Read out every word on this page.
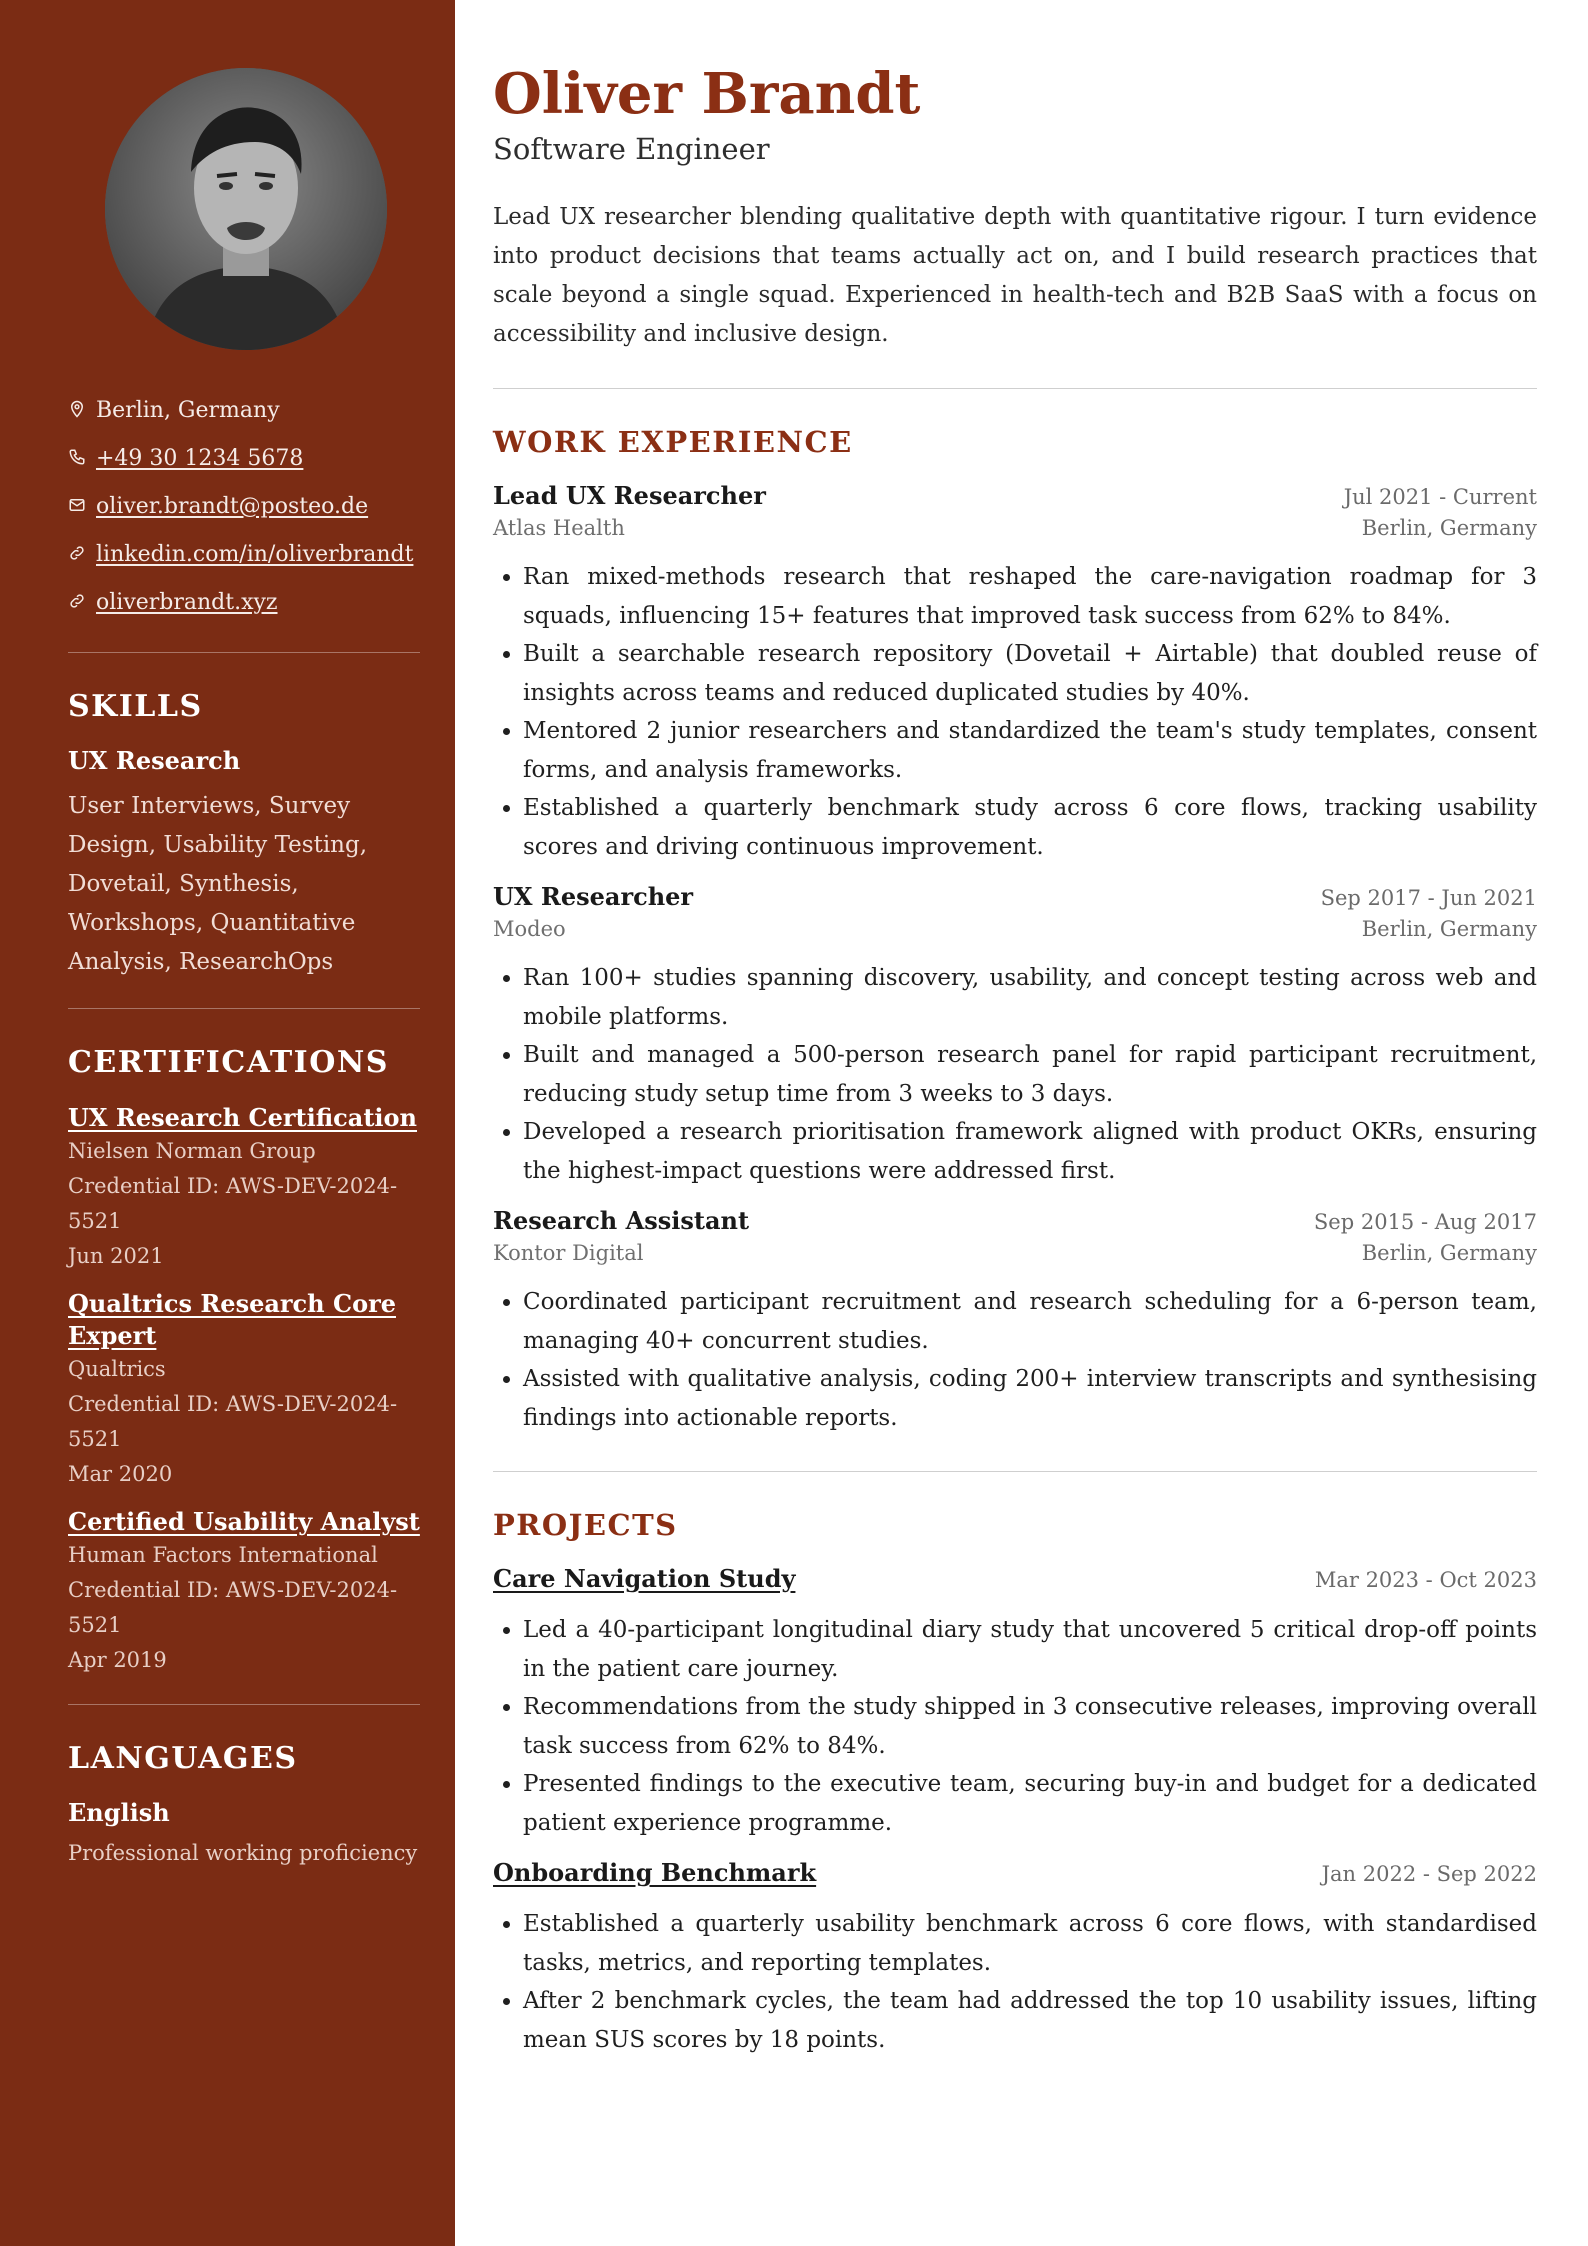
Berlin, Germany
+49 30 1234 5678
oliver.brandt@posteo.de
linkedin.com/in/oliverbrandt
oliverbrandt.xyz
SKILLS
UX Research

User Interviews, Survey Design, Usability Testing, Dovetail, Synthesis, Workshops, Quantitative Analysis, ResearchOps

CERTIFICATIONS
UX Research Certification
Nielsen Norman Group
Credential ID: AWS-DEV-2024-5521
Jun 2021
Qualtrics Research Core Expert
Qualtrics
Credential ID: AWS-DEV-2024-5521
Mar 2020
Certified Usability Analyst
Human Factors International
Credential ID: AWS-DEV-2024-5521
Apr 2019
LANGUAGES
English
Professional working proficiency
Oliver Brandt
Software Engineer

Lead UX researcher blending qualitative depth with quantitative rigour. I turn evidence into product decisions that teams actually act on, and I build research practices that scale beyond a single squad. Experienced in health-tech and B2B SaaS with a focus on accessibility and inclusive design.

WORK EXPERIENCE
Lead UX Researcher	Jul 2021 - Current
Atlas Health	Berlin, Germany
• Ran mixed-methods research that reshaped the care-navigation roadmap for 3 squads, influencing 15+ features that improved task success from 62% to 84%.
• Built a searchable research repository (Dovetail + Airtable) that doubled reuse of insights across teams and reduced duplicated studies by 40%.
• Mentored 2 junior researchers and standardized the team's study templates, consent forms, and analysis frameworks.
• Established a quarterly benchmark study across 6 core flows, tracking usability scores and driving continuous improvement.
UX Researcher	Sep 2017 - Jun 2021
Modeo	Berlin, Germany
• Ran 100+ studies spanning discovery, usability, and concept testing across web and mobile platforms.
• Built and managed a 500-person research panel for rapid participant recruitment, reducing study setup time from 3 weeks to 3 days.
• Developed a research prioritisation framework aligned with product OKRs, ensuring the highest-impact questions were addressed first.
Research Assistant	Sep 2015 - Aug 2017
Kontor Digital	Berlin, Germany
• Coordinated participant recruitment and research scheduling for a 6-person team, managing 40+ concurrent studies.
• Assisted with qualitative analysis, coding 200+ interview transcripts and synthesising findings into actionable reports.
PROJECTS
Care Navigation Study	Mar 2023 - Oct 2023
• Led a 40-participant longitudinal diary study that uncovered 5 critical drop-off points in the patient care journey.
• Recommendations from the study shipped in 3 consecutive releases, improving overall task success from 62% to 84%.
• Presented findings to the executive team, securing buy-in and budget for a dedicated patient experience programme.
Onboarding Benchmark	Jan 2022 - Sep 2022
• Established a quarterly usability benchmark across 6 core flows, with standardised tasks, metrics, and reporting templates.
• After 2 benchmark cycles, the team had addressed the top 10 usability issues, lifting mean SUS scores by 18 points.
